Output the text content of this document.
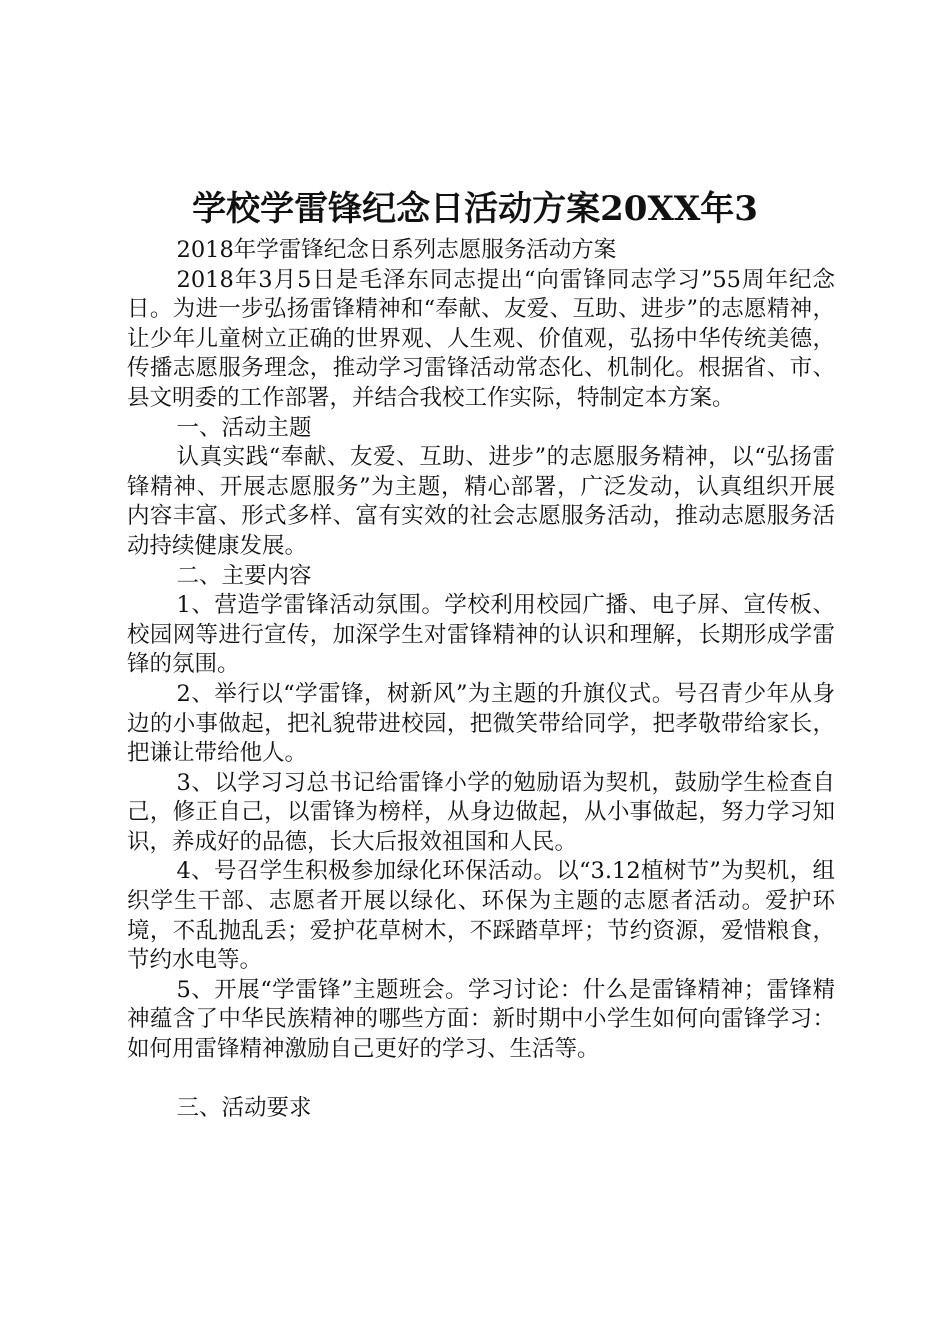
学校学雷锋纪念日活动方案20XX年3

2018年学雷锋纪念日系列志愿服务活动方案

2018年3月5日是毛泽东同志提出“向雷锋同志学习”55周年纪念日。为进一步弘扬雷锋精神和“奉献、友爱、互助、进步”的志愿精神，让少年儿童树立正确的世界观、人生观、价值观，弘扬中华传统美德，传播志愿服务理念，推动学习雷锋活动常态化、机制化。根据省、市、县文明委的工作部署，并结合我校工作实际，特制定本方案。

一、活动主题

认真实践“奉献、友爱、互助、进步”的志愿服务精神，以“弘扬雷锋精神、开展志愿服务”为主题，精心部署，广泛发动，认真组织开展内容丰富、形式多样、富有实效的社会志愿服务活动，推动志愿服务活动持续健康发展。

二、主要内容

1、营造学雷锋活动氛围。学校利用校园广播、电子屏、宣传板、校园网等进行宣传，加深学生对雷锋精神的认识和理解，长期形成学雷锋的氛围。

2、举行以“学雷锋，树新风”为主题的升旗仪式。号召青少年从身边的小事做起，把礼貌带进校园，把微笑带给同学，把孝敬带给家长，把谦让带给他人。

3、以学习习总书记给雷锋小学的勉励语为契机，鼓励学生检查自己，修正自己，以雷锋为榜样，从身边做起，从小事做起，努力学习知识，养成好的品德，长大后报效祖国和人民。

4、号召学生积极参加绿化环保活动。以“3.12植树节”为契机，组织学生干部、志愿者开展以绿化、环保为主题的志愿者活动。爱护环境，不乱抛乱丢；爱护花草树木，不踩踏草坪；节约资源，爱惜粮食，节约水电等。

5、开展“学雷锋”主题班会。学习讨论：什么是雷锋精神；雷锋精神蕴含了中华民族精神的哪些方面：新时期中小学生如何向雷锋学习：如何用雷锋精神激励自己更好的学习、生活等。

三、活动要求
